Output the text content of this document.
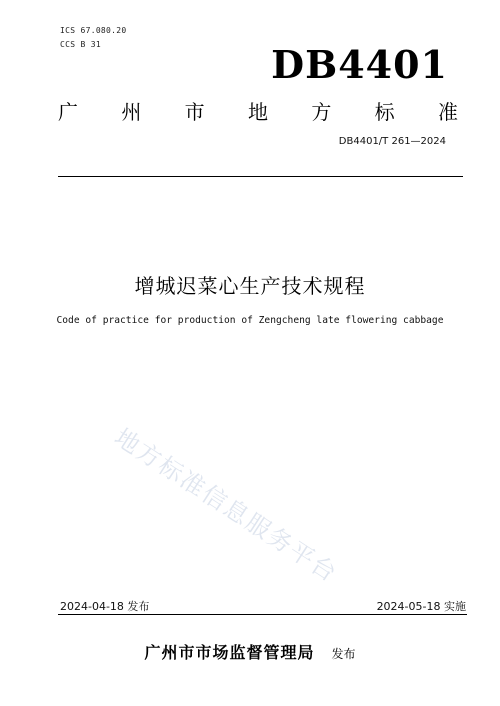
ICS 67.080.20
CCS B 31	DB4401
广 州 市 地 方 标 准
DB4401/T 261—2024
增城迟菜心生产技术规程
Code of practice for production of Zengcheng late flowering cabbage
地方标准信息服务平台
2024-04-18 发布	2024-05-18 实施
广州市市场监督管理局 发布
